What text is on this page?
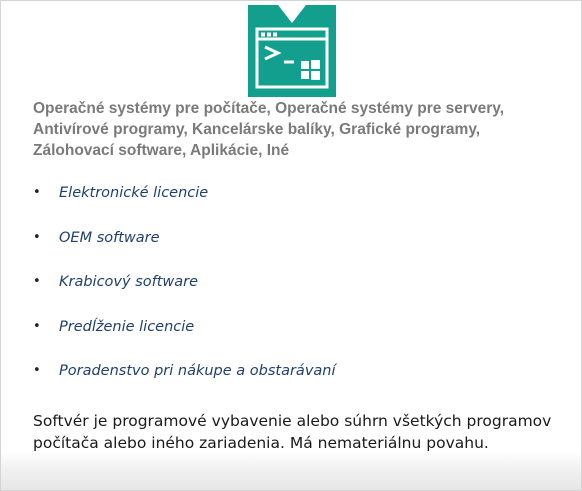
Operačné systémy pre počítače, Operačné systémy pre servery, Antivírové programy, Kancelárske balíky, Grafické programy, Zálohovací software, Aplikácie, Iné
•	Elektronické licencie
•	OEM software
•	Krabicový software
•	Predĺženie licencie
•	Poradenstvo pri nákupe a obstarávaní
Softvér je programové vybavenie alebo súhrn všetkých programov počítača alebo iného zariadenia. Má nemateriálnu povahu.
